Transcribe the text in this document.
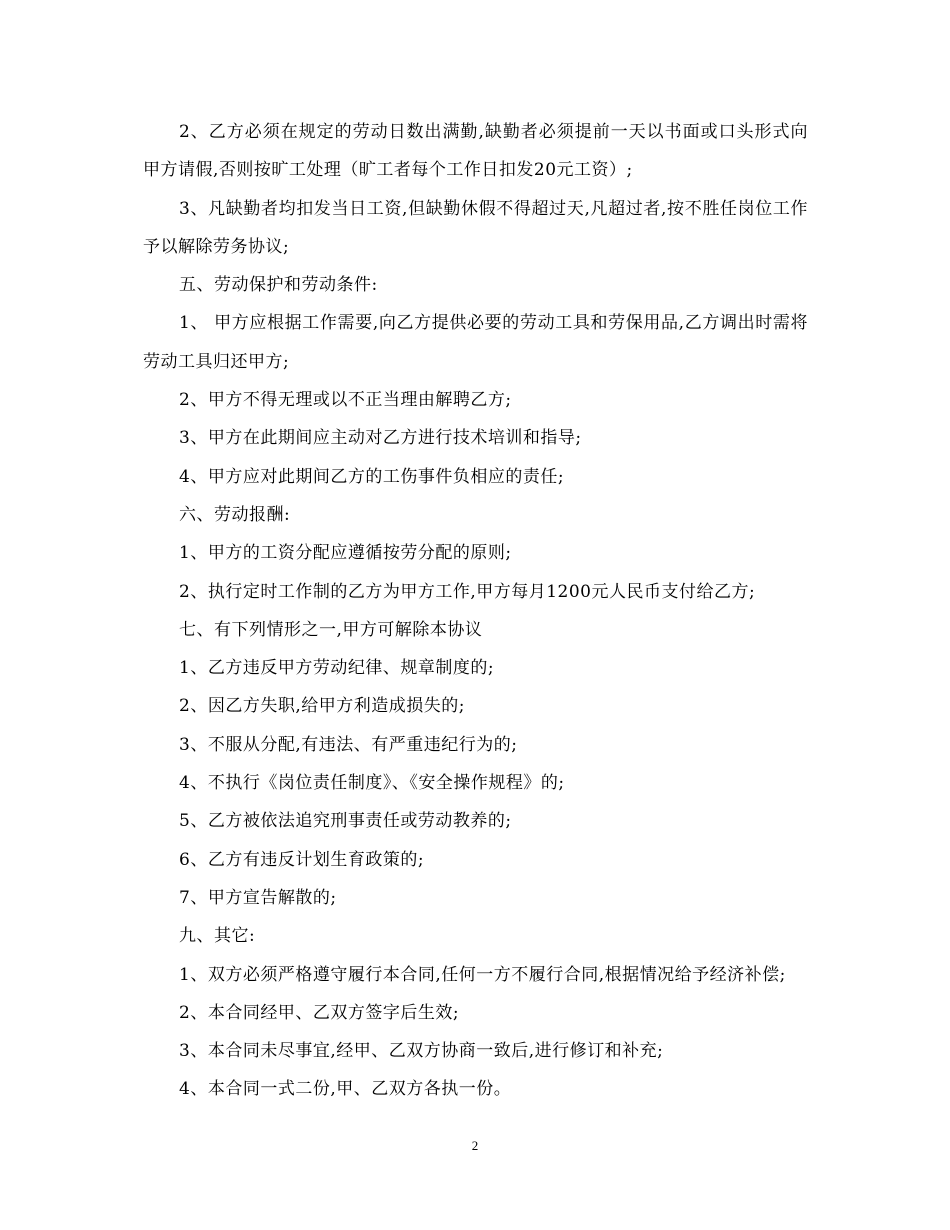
2、乙方必须在规定的劳动日数出满勤,缺勤者必须提前一天以书面或口头形式向甲方请假,否则按旷工处理（旷工者每个工作日扣发20元工资）;

3、凡缺勤者均扣发当日工资,但缺勤休假不得超过天,凡超过者,按不胜任岗位工作予以解除劳务协议;

五、劳动保护和劳动条件:

1、 甲方应根据工作需要,向乙方提供必要的劳动工具和劳保用品,乙方调出时需将劳动工具归还甲方;

2、甲方不得无理或以不正当理由解聘乙方;

3、甲方在此期间应主动对乙方进行技术培训和指导;

4、甲方应对此期间乙方的工伤事件负相应的责任;

六、劳动报酬:

1、甲方的工资分配应遵循按劳分配的原则;

2、执行定时工作制的乙方为甲方工作,甲方每月1200元人民币支付给乙方;

七、有下列情形之一,甲方可解除本协议

1、乙方违反甲方劳动纪律、规章制度的;

2、因乙方失职,给甲方利造成损失的;

3、不服从分配,有违法、有严重违纪行为的;

4、不执行《岗位责任制度》、《安全操作规程》的;

5、乙方被依法追究刑事责任或劳动教养的;

6、乙方有违反计划生育政策的;

7、甲方宣告解散的;

九、其它:

1、双方必须严格遵守履行本合同,任何一方不履行合同,根据情况给予经济补偿;

2、本合同经甲、乙双方签字后生效;

3、本合同未尽事宜,经甲、乙双方协商一致后,进行修订和补充;

4、本合同一式二份,甲、乙双方各执一份。

2
